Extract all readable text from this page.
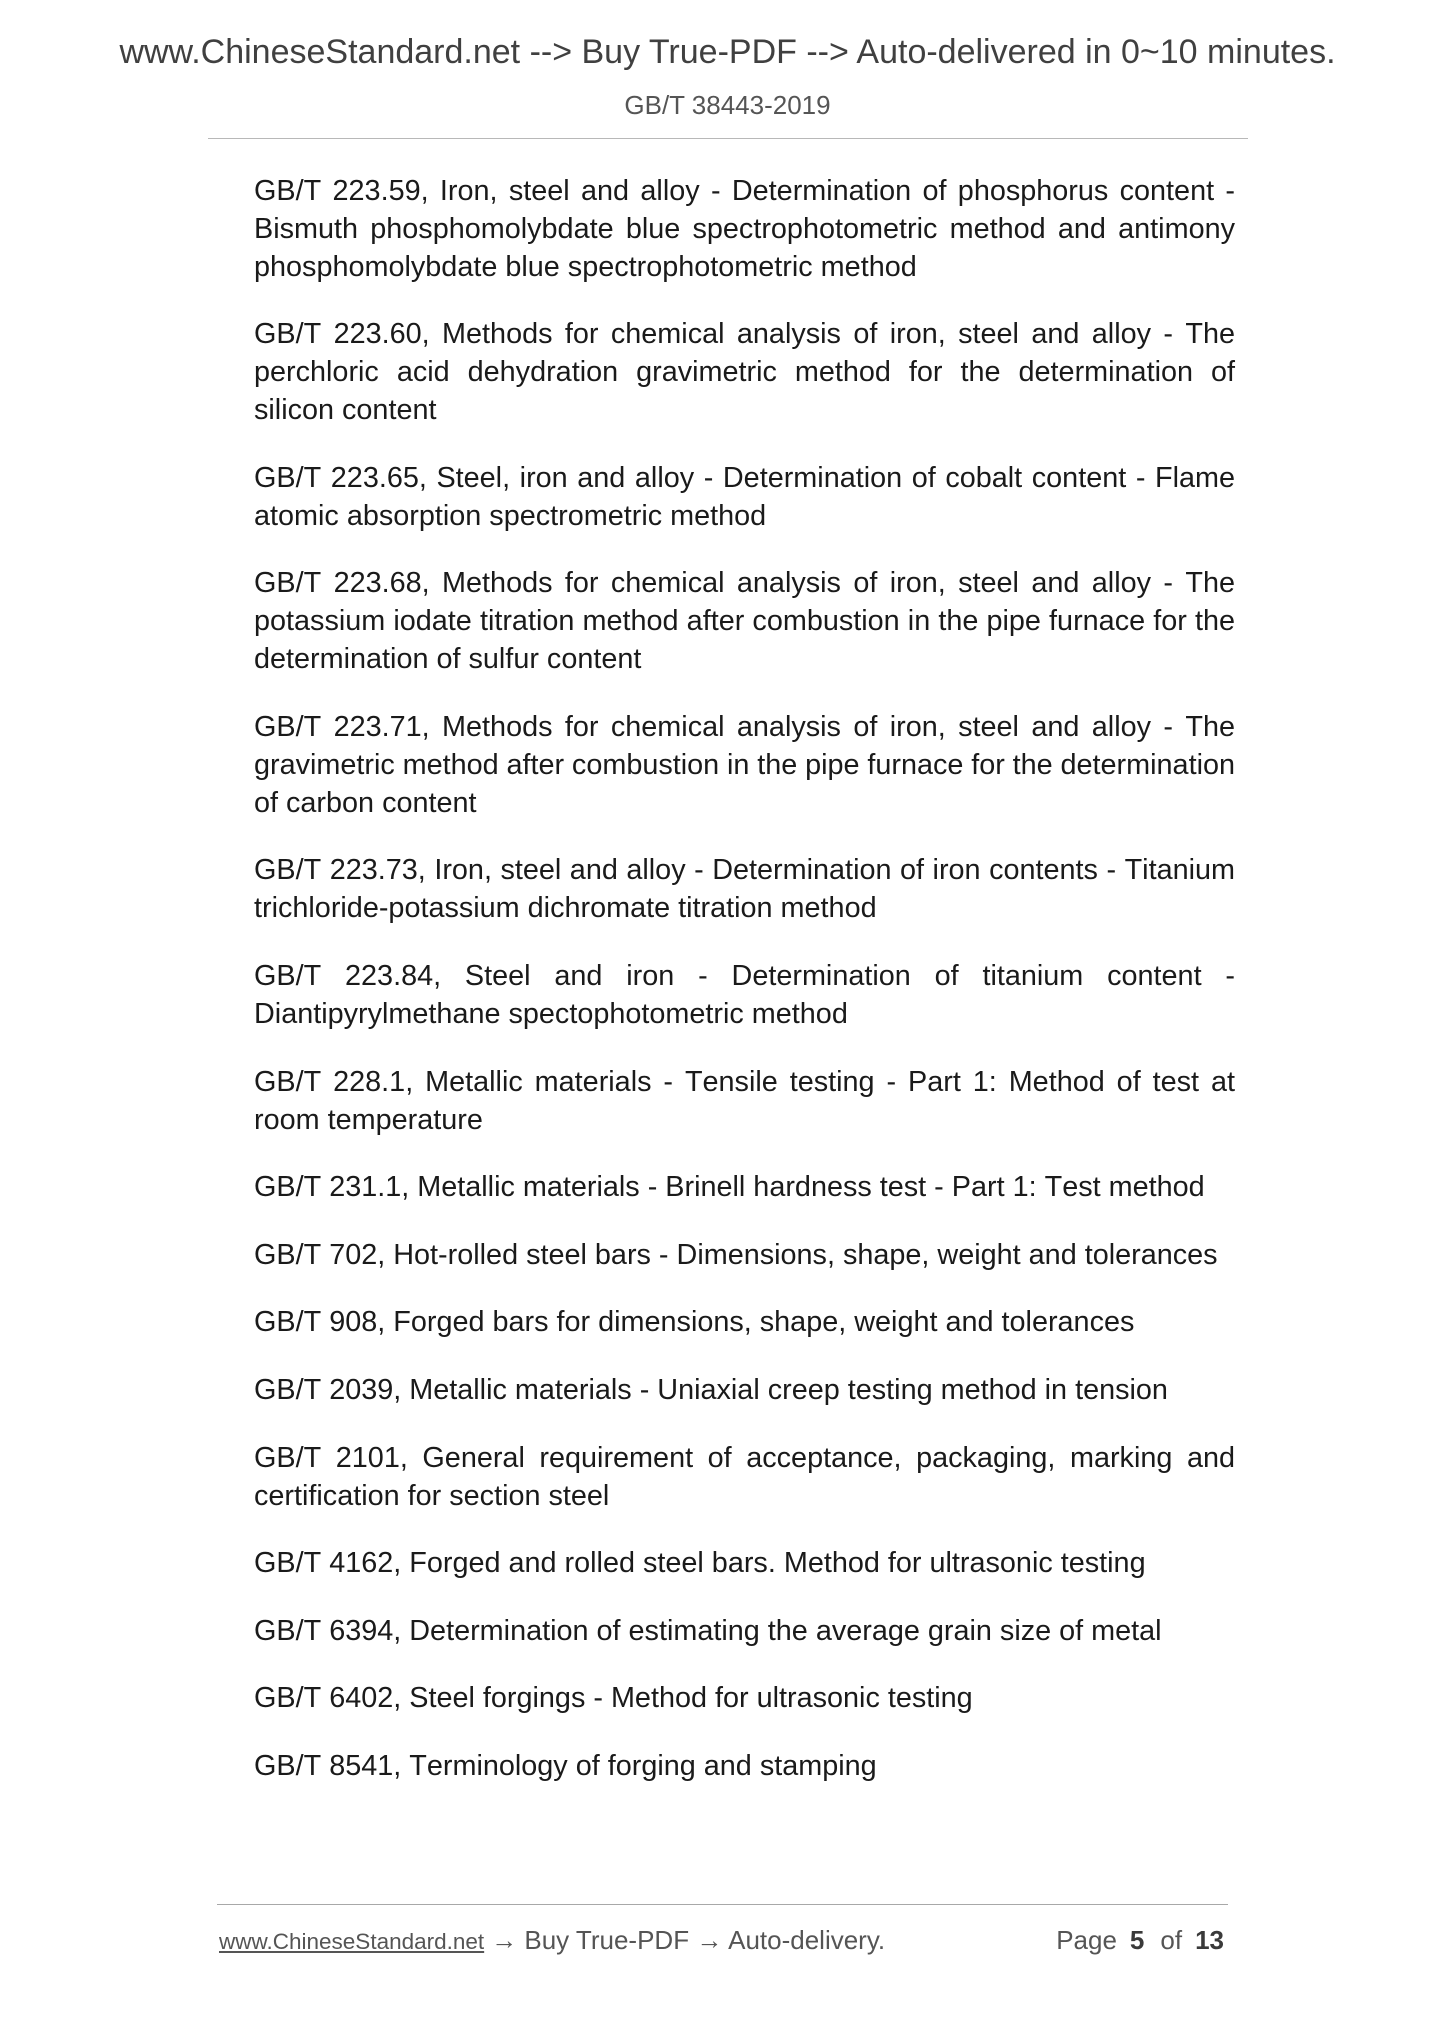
www.ChineseStandard.net --> Buy True-PDF --> Auto-delivered in 0~10 minutes.
GB/T 38443-2019
GB/T 223.59, Iron, steel and alloy - Determination of phosphorus content -
Bismuth phosphomolybdate blue spectrophotometric method and antimony
phosphomolybdate blue spectrophotometric method
GB/T 223.60, Methods for chemical analysis of iron, steel and alloy - The
perchloric acid dehydration gravimetric method for the determination of
silicon content
GB/T 223.65, Steel, iron and alloy - Determination of cobalt content - Flame
atomic absorption spectrometric method
GB/T 223.68, Methods for chemical analysis of iron, steel and alloy - The
potassium iodate titration method after combustion in the pipe furnace for the
determination of sulfur content
GB/T 223.71, Methods for chemical analysis of iron, steel and alloy - The
gravimetric method after combustion in the pipe furnace for the determination
of carbon content
GB/T 223.73, Iron, steel and alloy - Determination of iron contents - Titanium
trichloride-potassium dichromate titration method
GB/T 223.84, Steel and iron - Determination of titanium content -
Diantipyrylmethane spectophotometric method
GB/T 228.1, Metallic materials - Tensile testing - Part 1: Method of test at
room temperature
GB/T 231.1, Metallic materials - Brinell hardness test - Part 1: Test method
GB/T 702, Hot-rolled steel bars - Dimensions, shape, weight and tolerances
GB/T 908, Forged bars for dimensions, shape, weight and tolerances
GB/T 2039, Metallic materials - Uniaxial creep testing method in tension
GB/T 2101, General requirement of acceptance, packaging, marking and
certification for section steel
GB/T 4162, Forged and rolled steel bars. Method for ultrasonic testing
GB/T 6394, Determination of estimating the average grain size of metal
GB/T 6402, Steel forgings - Method for ultrasonic testing
GB/T 8541, Terminology of forging and stamping
www.ChineseStandard.net → Buy True-PDF → Auto-delivery.	Page 5 of 13
